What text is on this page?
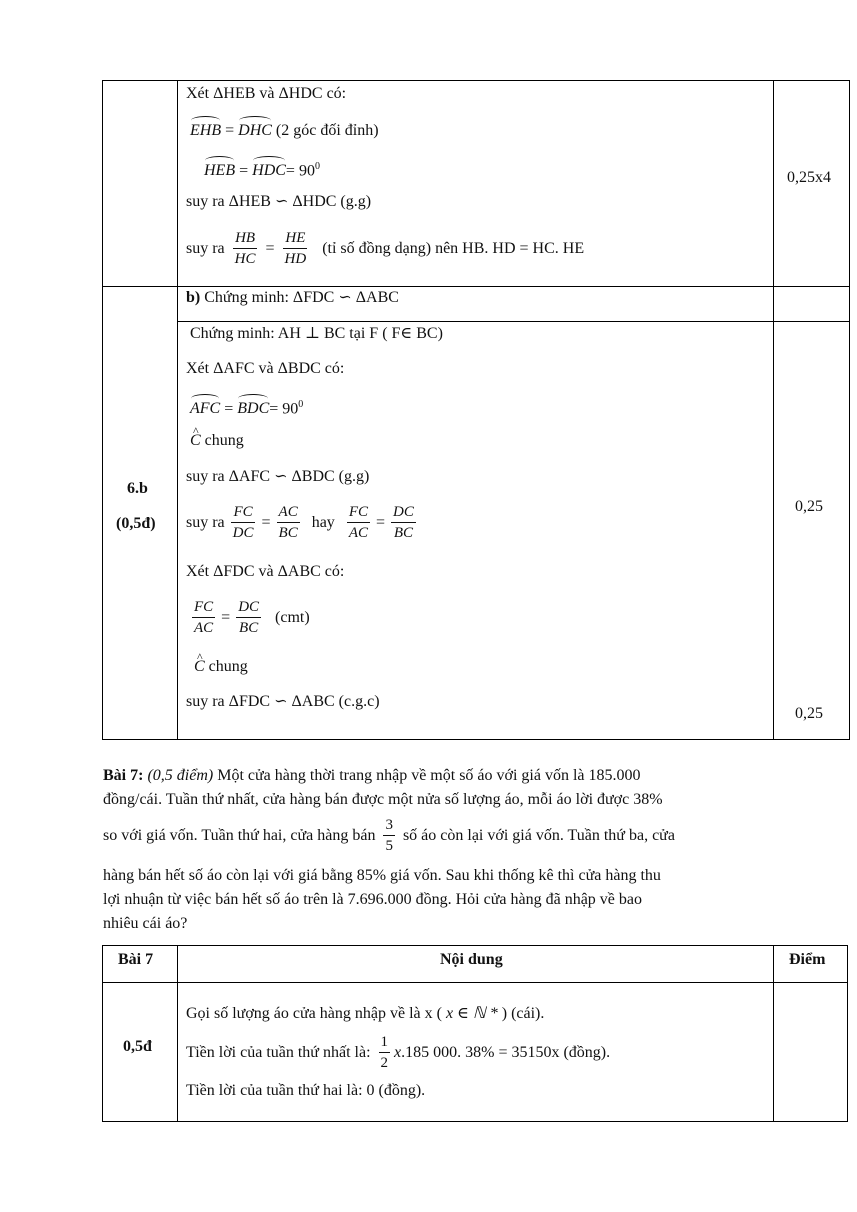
Xét ΔHEB và ΔHDC có:
EHB = DHC (2 góc đối đỉnh)
HEB = $HDC= 90^0$
suy ra ΔHEB ∽ ΔHDC (g.g)
suy ra $\frac{HB}{HC} = \frac{HE}{HD}$ (tỉ số đồng dạng) nên HB. HD = HC. HE
0,25x4
6.b
(0,5đ)
b) Chứng minh: ΔFDC ∽ ΔABC
Chứng minh: AH ⊥ BC tại F ( F∈ BC)
Xét ΔAFC và ΔBDC có:
AFC = $BDC= 90^0$
^ C chung
suy ra ΔAFC ∽ ΔBDC (g.g)
suy ra $\frac{FC}{DC} = \frac{AC}{BC}$ hay $\frac{FC}{AC} = \frac{DC}{BC}$
Xét ΔFDC và ΔABC có:
$\frac{FC}{AC} = \frac{DC}{BC} (cmt)$
^ C chung
suy ra ΔFDC ∽ ΔABC (c.g.c)
0,25
0,25
Bài 7: (0,5 điểm) Một cửa hàng thời trang nhập về một số áo với giá vốn là 185.000
đồng/cái. Tuần thứ nhất, cửa hàng bán được một nửa số lượng áo, mỗi áo lời được 38%
so với giá vốn. Tuần thứ hai, cửa hàng bán $\frac{3}{5}$ số áo còn lại với giá vốn. Tuần thứ ba, cửa
hàng bán hết số áo còn lại với giá bằng 85% giá vốn. Sau khi thống kê thì cửa hàng thu
lợi nhuận từ việc bán hết số áo trên là 7.696.000 đồng. Hỏi cửa hàng đã nhập về bao
nhiêu cái áo?
Bài 7	Nội dung	Điểm
0,5đ
Gọi số lượng áo cửa hàng nhập về là x ( x ∈ ℕ * ) (cái).
Tiền lời của tuần thứ nhất là: $\frac{1}{2} x.185$ 000. 38% = 35150x (đồng).
Tiền lời của tuần thứ hai là: 0 (đồng).
